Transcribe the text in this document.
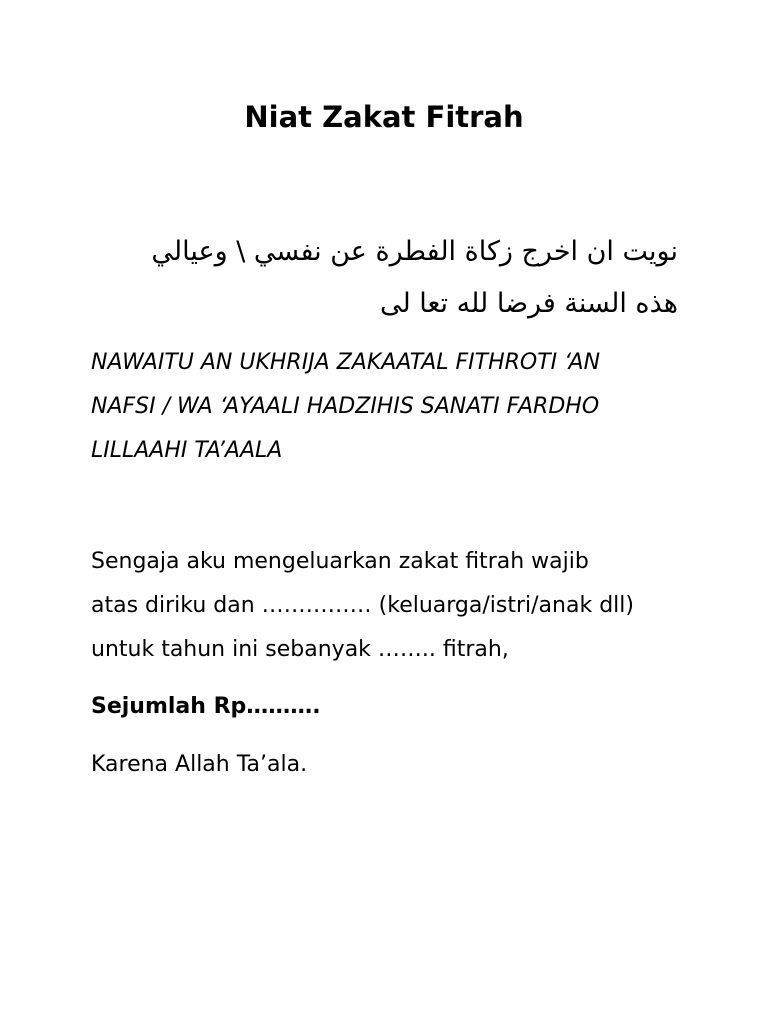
Niat Zakat Fitrah

نويت ان اخرج زكاة الفطرة عن نفسي \ وعيالي
هذه السنة فرضا لله تعا لى

NAWAITU AN UKHRIJA ZAKAATAL FITHROTI ‘AN
NAFSI / WA ‘AYAALI HADZIHIS SANATI FARDHO
LILLAAHI TA’AALA

Sengaja aku mengeluarkan zakat fitrah wajib
atas diriku dan …………… (keluarga/istri/anak dll)
untuk tahun ini sebanyak …….. fitrah,

Sejumlah Rp……….

Karena Allah Ta’ala.
